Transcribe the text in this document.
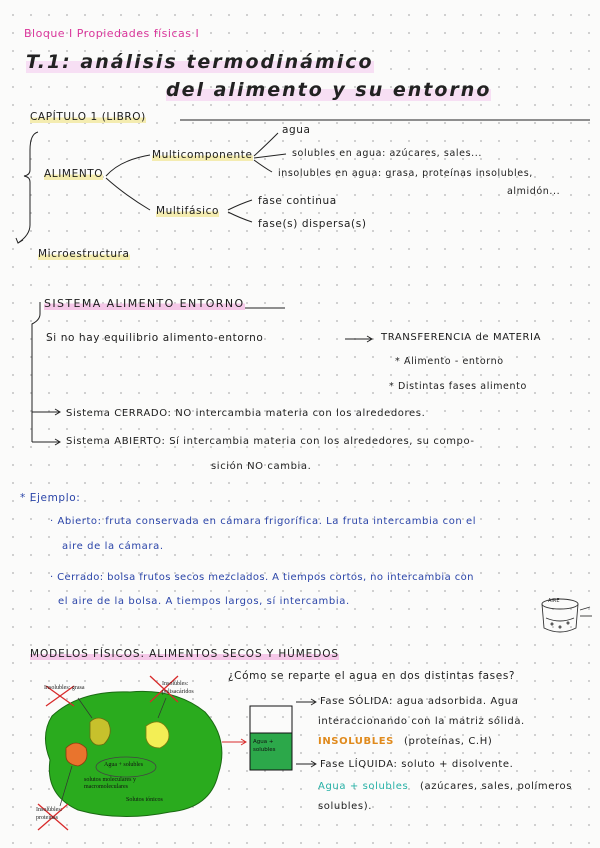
Bloque I Propiedades físicas I
T.1: análisis termodinámico
del alimento y su entorno
CAPÍTULO 1 (LIBRO)
ALIMENTO
Multicomponente
agua
solubles en agua: azúcares, sales...
insolubles en agua: grasa, proteínas insolubles,
almidón...
Multifásico
fase continua
fase(s) dispersa(s)
Microestructura
SISTEMA ALIMENTO ENTORNO
Si no hay equilibrio alimento-entorno	TRANSFERENCIA de MATERIA
* Alimento - entorno
* Distintas fases alimento
Sistema CERRADO: NO intercambia materia con los alrededores.
Sistema ABIERTO: Sí intercambia materia con los alrededores, su compo-
sición NO cambia.
* Ejemplo:
· Abierto: fruta conservada en cámara frigorífica. La fruta intercambia con el
aire de la cámara.
· Cerrado: bolsa frutos secos mezclados. A tiempos cortos, no intercambia con
el aire de la bolsa. A tiempos largos, sí intercambia.	AIRE
MODELOS FÍSICOS: ALIMENTOS SECOS Y HÚMEDOS
¿Cómo se reparte el agua en dos distintas fases?
Insolubles: grasa
Insolubles: polisacáridos
Agua + solubles
solutos moleculares y macromoleculares
Solutos iónicos
Insolubles: proteínas
Agua + solubles
Fase SÓLIDA: agua adsorbida. Agua
interaccionando con la matriz sólida.
INSOLUBLES (proteínas, C.H)
Fase LÍQUIDA: soluto + disolvente.
Agua + solubles (azúcares, sales, polímeros
solubles).
